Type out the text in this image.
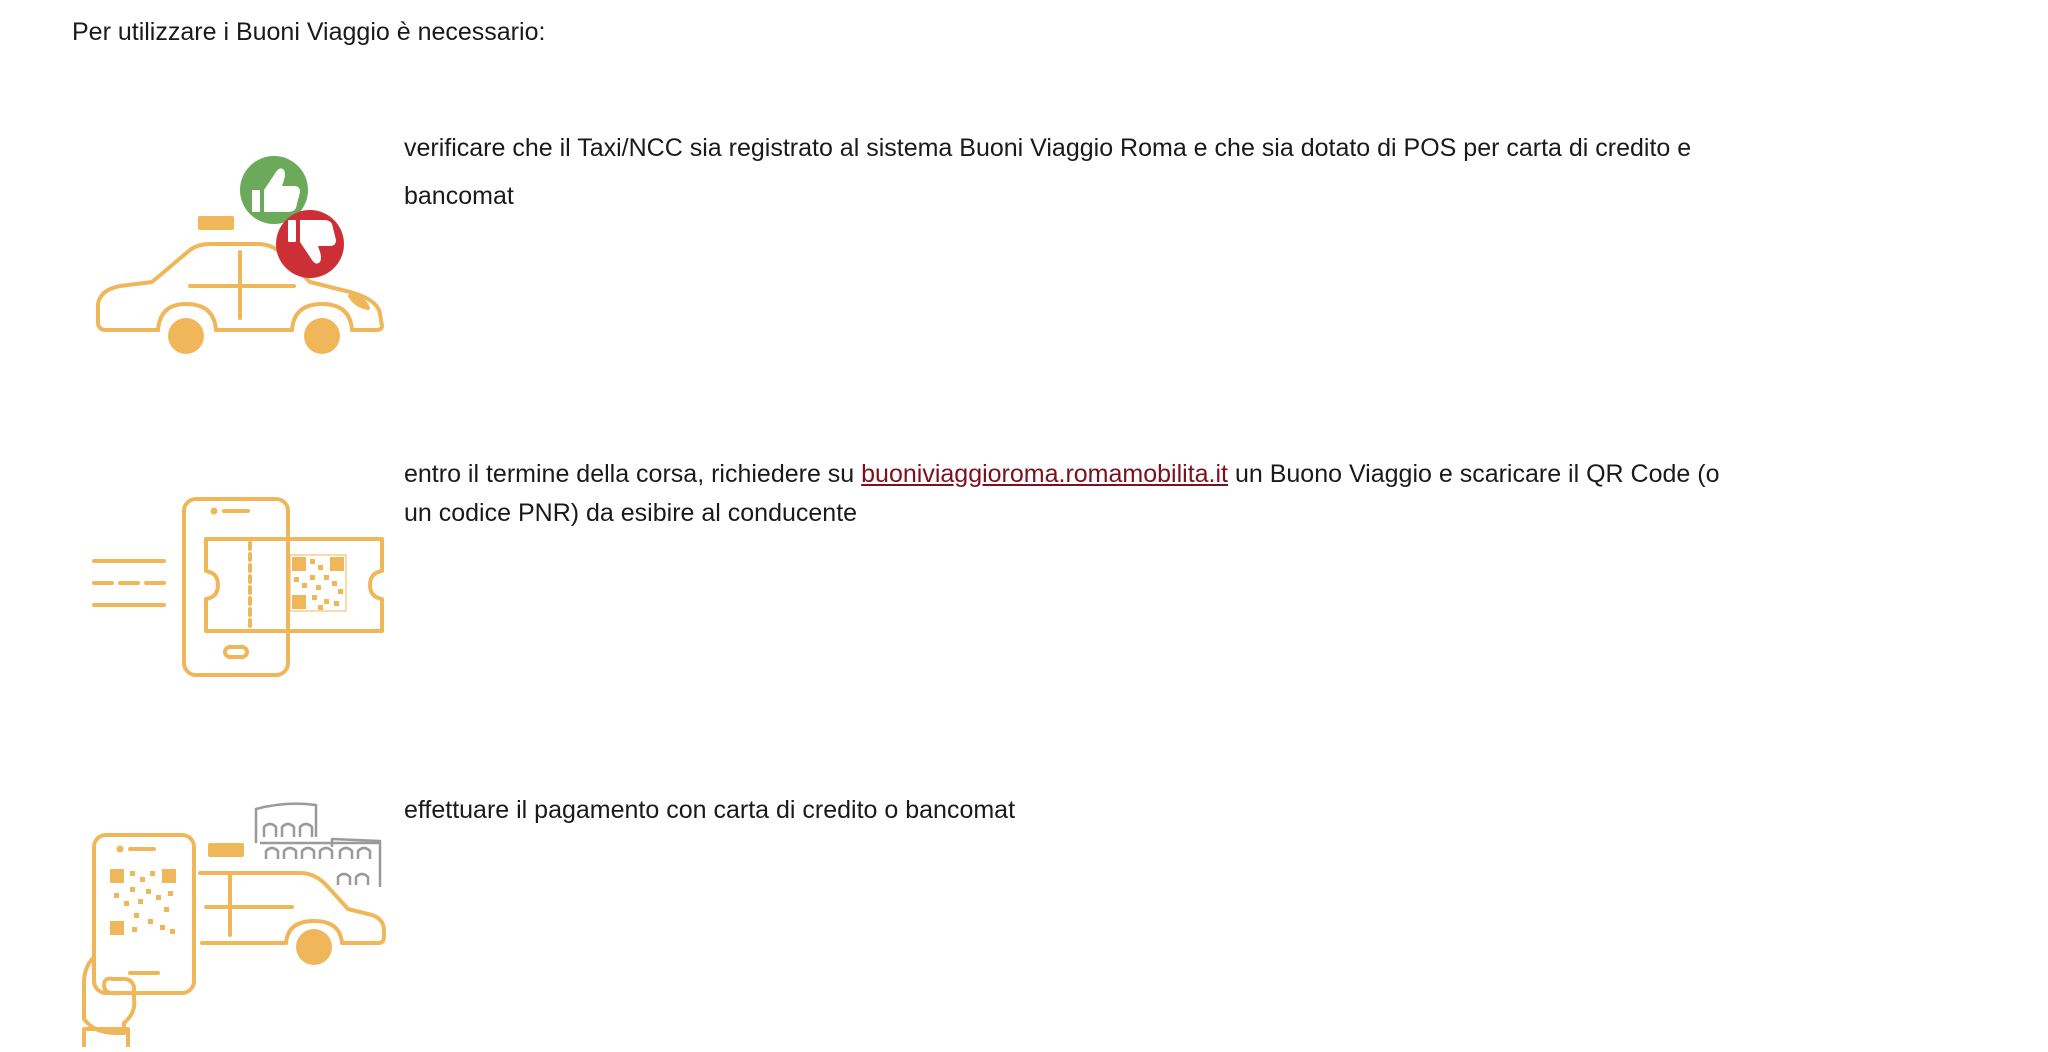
Per utilizzare i Buoni Viaggio è necessario:

verificare che il Taxi/NCC sia registrato al sistema Buoni Viaggio Roma e che sia dotato di POS per carta di credito e bancomat

entro il termine della corsa, richiedere su buoniviaggioroma.romamobilita.it un Buono Viaggio e scaricare il QR Code (o un codice PNR) da esibire al conducente

effettuare il pagamento con carta di credito o bancomat
